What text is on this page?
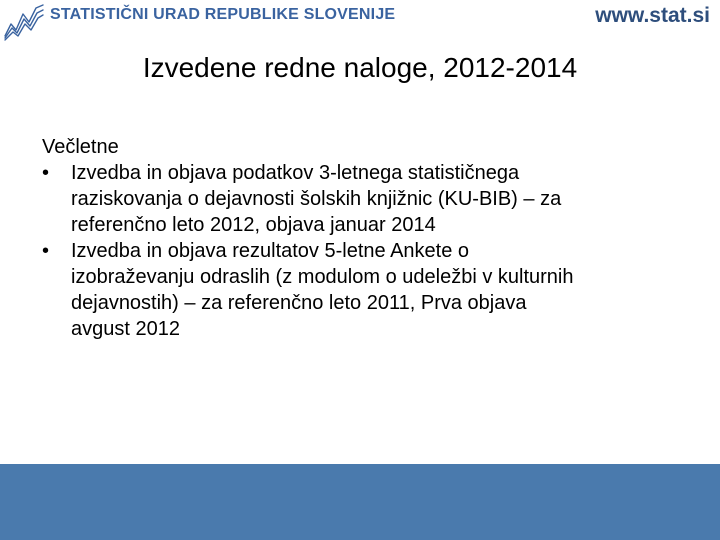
STATISTIČNI URAD REPUBLIKE SLOVENIJE	www.stat.si
Izvedene redne naloge, 2012-2014

Večletne

• Izvedba in objava podatkov 3-letnega statističnega
raziskovanja o dejavnosti šolskih knjižnic (KU-BIB) – za
referenčno leto 2012, objava januar 2014
• Izvedba in objava rezultatov 5-letne Ankete o
izobraževanju odraslih (z modulom o udeležbi v kulturnih
dejavnostih) – za referenčno leto 2011, Prva objava
avgust 2012
